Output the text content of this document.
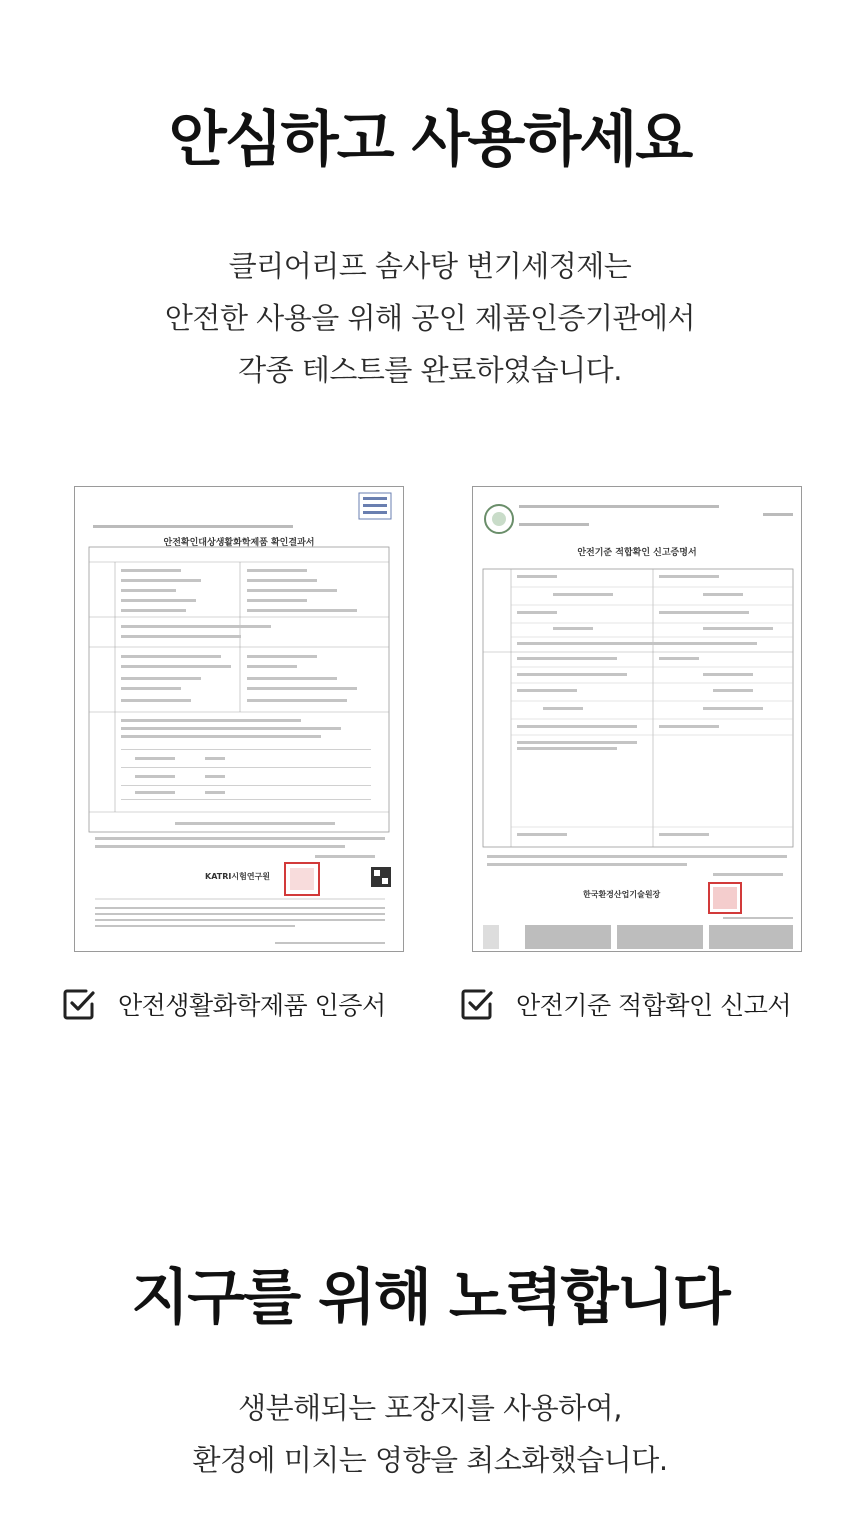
안심하고 사용하세요
클리어리프 솜사탕 변기세정제는
안전한 사용을 위해 공인 제품인증기관에서
각종 테스트를 완료하였습니다.
안전확인대상생활화학제품 확인결과서
KATRI시험연구원
안전기준 적합확인 신고증명서
한국환경산업기술원장
안전생활화학제품 인증서	안전기준 적합확인 신고서
지구를 위해 노력합니다
생분해되는 포장지를 사용하여,
환경에 미치는 영향을 최소화했습니다.
